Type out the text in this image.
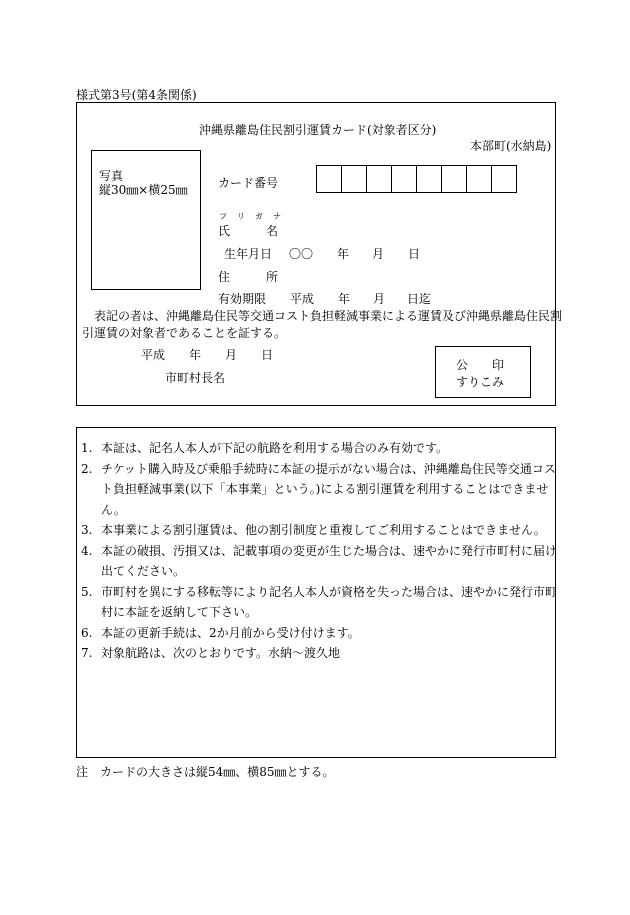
様式第3号(第4条関係)
沖縄県離島住民割引運賃カード(対象者区分)
本部町(水納島)
写真
縦30㎜×横25㎜	カード番号
フ　リ　ガ　ナ
氏　　　名
生年月日 〇〇 年 月 日
住　　　所
有効期限 平成 年 月 日迄
表記の者は、沖縄離島住民等交通コスト負担軽減事業による運賃及び沖縄県離島住民割
引運賃の対象者であることを証する。
平成 年 月 日
市町村長名
公　　印
すりこみ
1. 本証は、記名人本人が下記の航路を利用する場合のみ有効です。
2. チケット購入時及び乗船手続時に本証の提示がない場合は、沖縄離島住民等交通コス
ト負担軽減事業(以下「本事業」という。)による割引運賃を利用することはできませ
ん。
3. 本事業による割引運賃は、他の割引制度と重複してご利用することはできません。
4. 本証の破損、汚損又は、記載事項の変更が生じた場合は、速やかに発行市町村に届け
出てください。
5. 市町村を異にする移転等により記名人本人が資格を失った場合は、速やかに発行市町
村に本証を返納して下さい。
6. 本証の更新手続は、2か月前から受け付けます。
7. 対象航路は、次のとおりです。水納〜渡久地
注　カードの大きさは縦54㎜、横85㎜とする。
